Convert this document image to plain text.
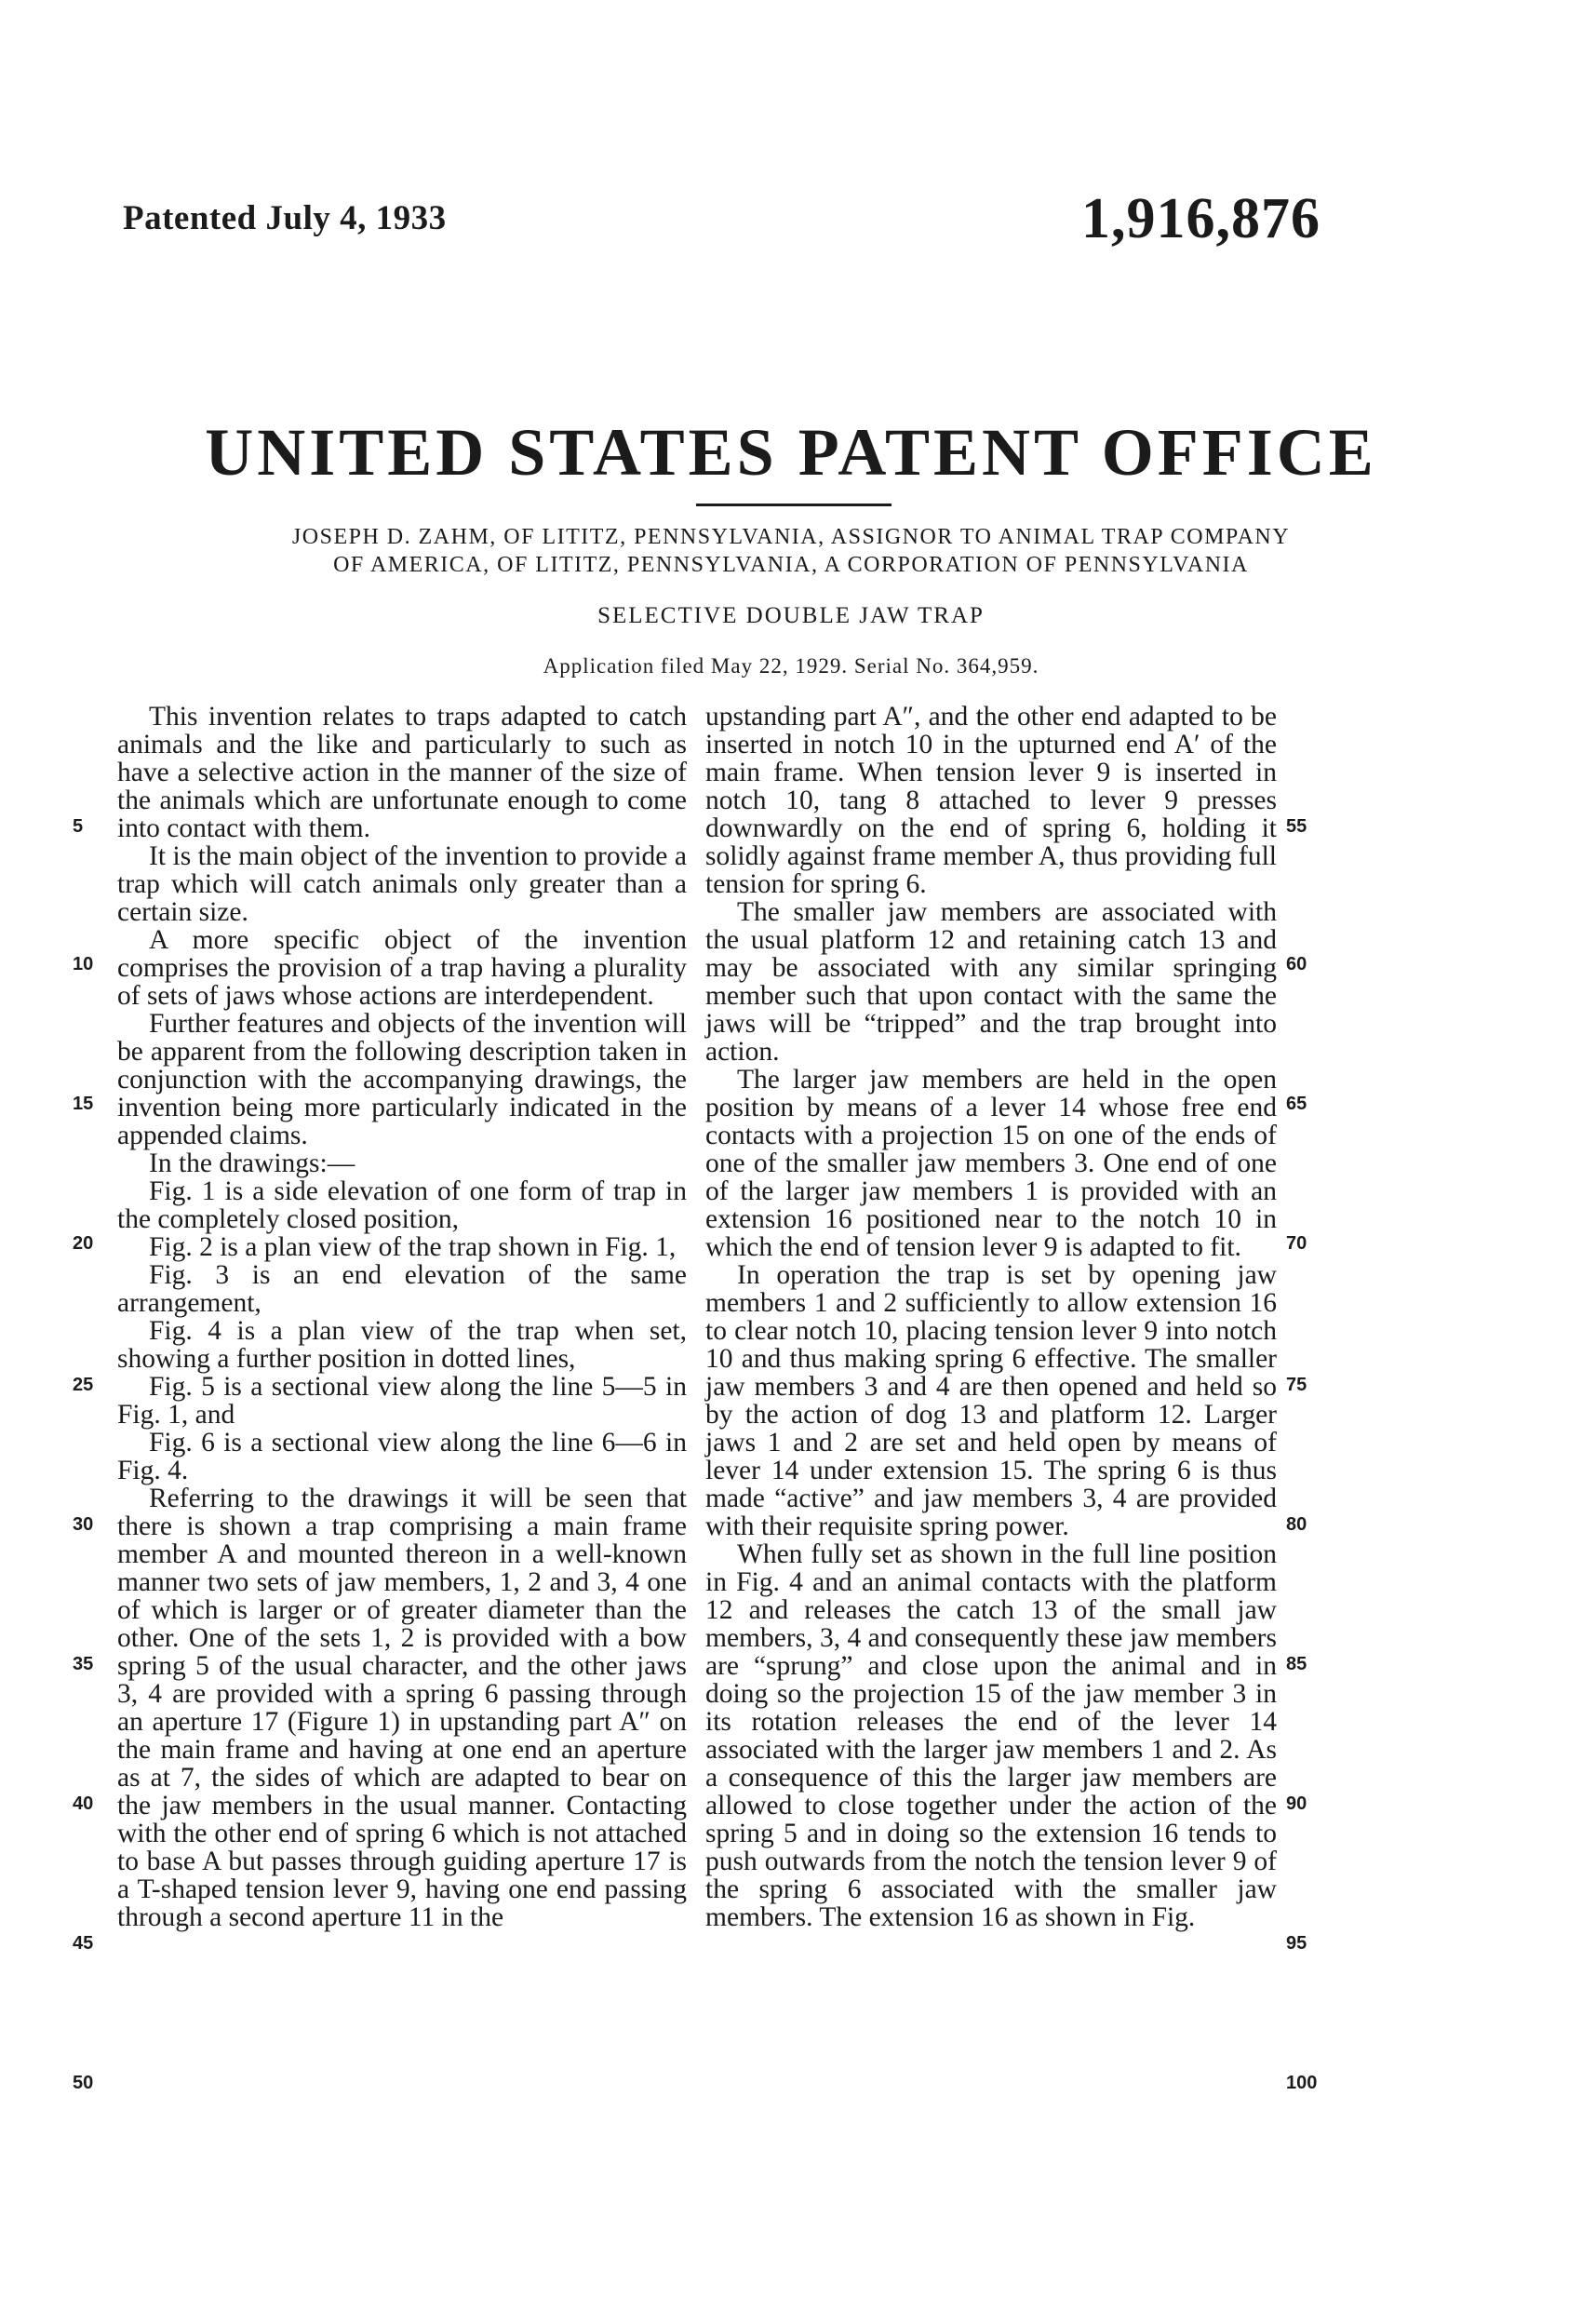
Patented July 4, 1933	1,916,876
UNITED STATES PATENT OFFICE
JOSEPH D. ZAHM, OF LITITZ, PENNSYLVANIA, ASSIGNOR TO ANIMAL TRAP COMPANY
OF AMERICA, OF LITITZ, PENNSYLVANIA, A CORPORATION OF PENNSYLVANIA
SELECTIVE DOUBLE JAW TRAP
Application filed May 22, 1929. Serial No. 364,959.

This invention relates to traps adapted to catch animals and the like and particularly to such as have a selective action in the manner of the size of the animals which are unfortunate enough to come into contact with them.

It is the main object of the invention to provide a trap which will catch animals only greater than a certain size.

A more specific object of the invention comprises the provision of a trap having a plurality of sets of jaws whose actions are interdependent.

Further features and objects of the invention will be apparent from the following description taken in conjunction with the accompanying drawings, the invention being more particularly indicated in the appended claims.

In the drawings:—

Fig. 1 is a side elevation of one form of trap in the completely closed position,

Fig. 2 is a plan view of the trap shown in Fig. 1,

Fig. 3 is an end elevation of the same arrangement,

Fig. 4 is a plan view of the trap when set, showing a further position in dotted lines,

Fig. 5 is a sectional view along the line 5—5 in Fig. 1, and

Fig. 6 is a sectional view along the line 6—6 in Fig. 4.

Referring to the drawings it will be seen that there is shown a trap comprising a main frame member A and mounted thereon in a well-known manner two sets of jaw members, 1, 2 and 3, 4 one of which is larger or of greater diameter than the other. One of the sets 1, 2 is provided with a bow spring 5 of the usual character, and the other jaws 3, 4 are provided with a spring 6 passing through an aperture 17 (Figure 1) in upstanding part A″ on the main frame and having at one end an aperture as at 7, the sides of which are adapted to bear on the jaw members in the usual manner. Contacting with the other end of spring 6 which is not attached to base A but passes through guiding aperture 17 is a T-shaped tension lever 9, having one end passing through a second aperture 11 in the

upstanding part A″, and the other end adapted to be inserted in notch 10 in the upturned end A′ of the main frame. When tension lever 9 is inserted in notch 10, tang 8 attached to lever 9 presses downwardly on the end of spring 6, holding it solidly against frame member A, thus providing full tension for spring 6.

The smaller jaw members are associated with the usual platform 12 and retaining catch 13 and may be associated with any similar springing member such that upon contact with the same the jaws will be “tripped” and the trap brought into action.

The larger jaw members are held in the open position by means of a lever 14 whose free end contacts with a projection 15 on one of the ends of one of the smaller jaw members 3. One end of one of the larger jaw members 1 is provided with an extension 16 positioned near to the notch 10 in which the end of tension lever 9 is adapted to fit.

In operation the trap is set by opening jaw members 1 and 2 sufficiently to allow extension 16 to clear notch 10, placing tension lever 9 into notch 10 and thus making spring 6 effective. The smaller jaw members 3 and 4 are then opened and held so by the action of dog 13 and platform 12. Larger jaws 1 and 2 are set and held open by means of lever 14 under extension 15. The spring 6 is thus made “active” and jaw members 3, 4 are provided with their requisite spring power.

When fully set as shown in the full line position in Fig. 4 and an animal contacts with the platform 12 and releases the catch 13 of the small jaw members, 3, 4 and consequently these jaw members are “sprung” and close upon the animal and in doing so the projection 15 of the jaw member 3 in its rotation releases the end of the lever 14 associated with the larger jaw members 1 and 2. As a consequence of this the larger jaw members are allowed to close together under the action of the spring 5 and in doing so the extension 16 tends to push outwards from the notch the tension lever 9 of the spring 6 associated with the smaller jaw members. The extension 16 as shown in Fig.

5
10
15
20
25
30
35
40
45
50
55
60
65
70
75
80
85
90
95
100
